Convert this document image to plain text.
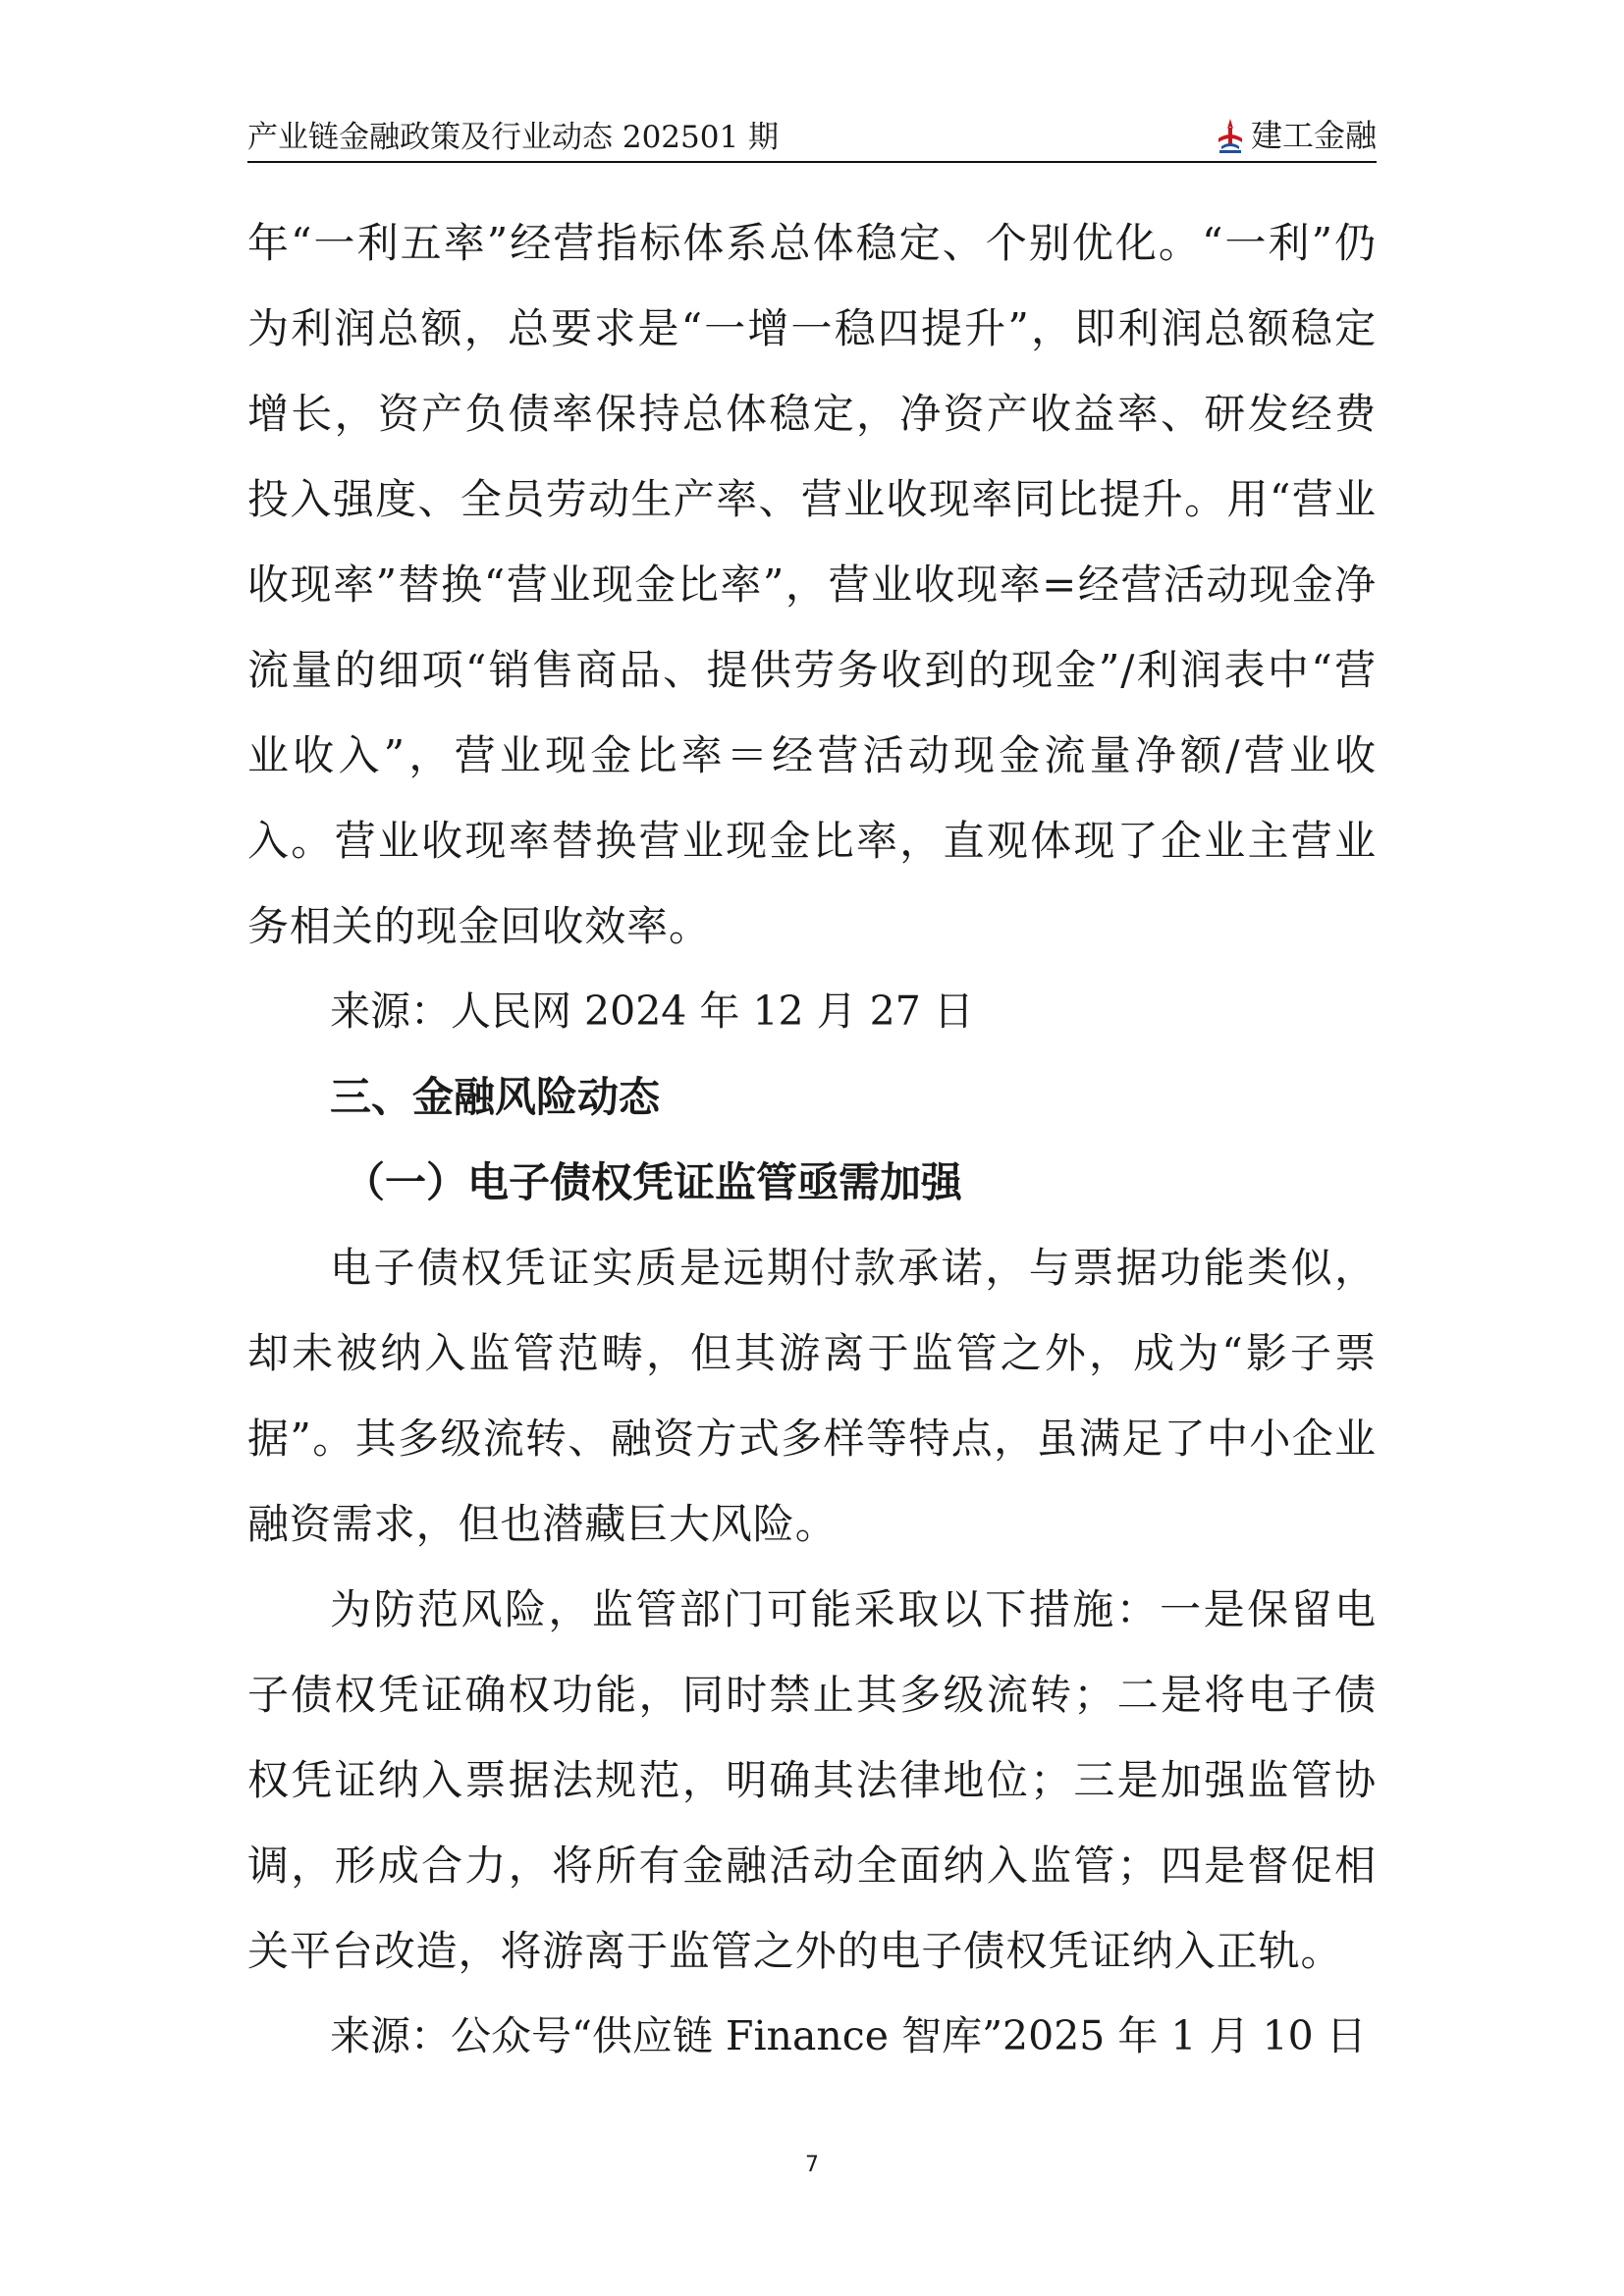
产业链金融政策及行业动态 202501 期	建工金融

年“一利五率”经营指标体系总体稳定、个别优化。“一利”仍为利润总额，总要求是“一增一稳四提升”，即利润总额稳定增长，资产负债率保持总体稳定，净资产收益率、研发经费投入强度、全员劳动生产率、营业收现率同比提升。用“营业收现率”替换“营业现金比率”，营业收现率=经营活动现金净流量的细项“销售商品、提供劳务收到的现金”/利润表中“营业收入”，营业现金比率＝经营活动现金流量净额/营业收入。营业收现率替换营业现金比率，直观体现了企业主营业务相关的现金回收效率。

来源：人民网 2024 年 12 月 27 日

三、金融风险动态
（一）电子债权凭证监管亟需加强

电子债权凭证实质是远期付款承诺，与票据功能类似，却未被纳入监管范畴，但其游离于监管之外，成为“影子票据”。其多级流转、融资方式多样等特点，虽满足了中小企业融资需求，但也潜藏巨大风险。

为防范风险，监管部门可能采取以下措施：一是保留电子债权凭证确权功能，同时禁止其多级流转；二是将电子债权凭证纳入票据法规范，明确其法律地位；三是加强监管协调，形成合力，将所有金融活动全面纳入监管；四是督促相关平台改造，将游离于监管之外的电子债权凭证纳入正轨。

来源：公众号“供应链 Finance 智库”2025 年 1 月 10 日

7
